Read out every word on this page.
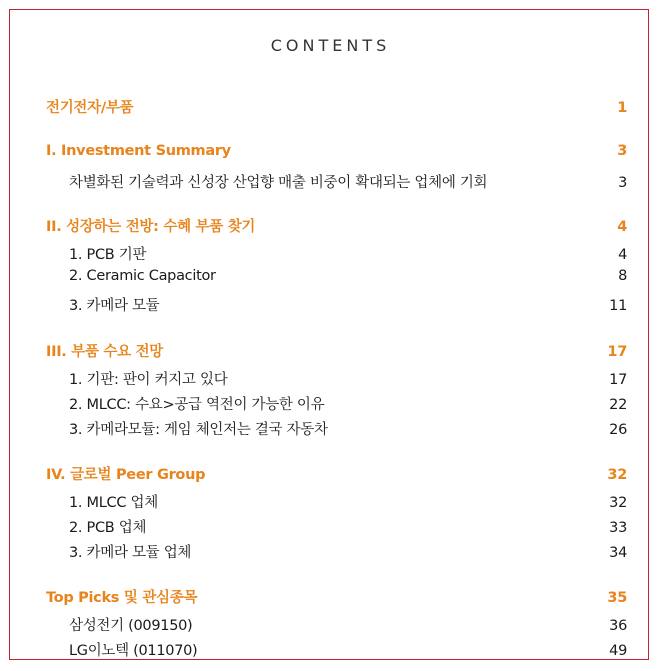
CONTENTS
전기전자/부품	1
I. Investment Summary	3
차별화된 기술력과 신성장 산업향 매출 비중이 확대되는 업체에 기회	3
II. 성장하는 전방: 수혜 부품 찾기	4
1. PCB 기판	4
2. Ceramic Capacitor	8
3. 카메라 모듈	11
III. 부품 수요 전망	17
1. 기판: 판이 커지고 있다	17
2. MLCC: 수요>공급 역전이 가능한 이유	22
3. 카메라모듈: 게임 체인저는 결국 자동차	26
IV. 글로벌 Peer Group	32
1. MLCC 업체	32
2. PCB 업체	33
3. 카메라 모듈 업체	34
Top Picks 및 관심종목	35
삼성전기 (009150)	36
LG이노텍 (011070)	49
